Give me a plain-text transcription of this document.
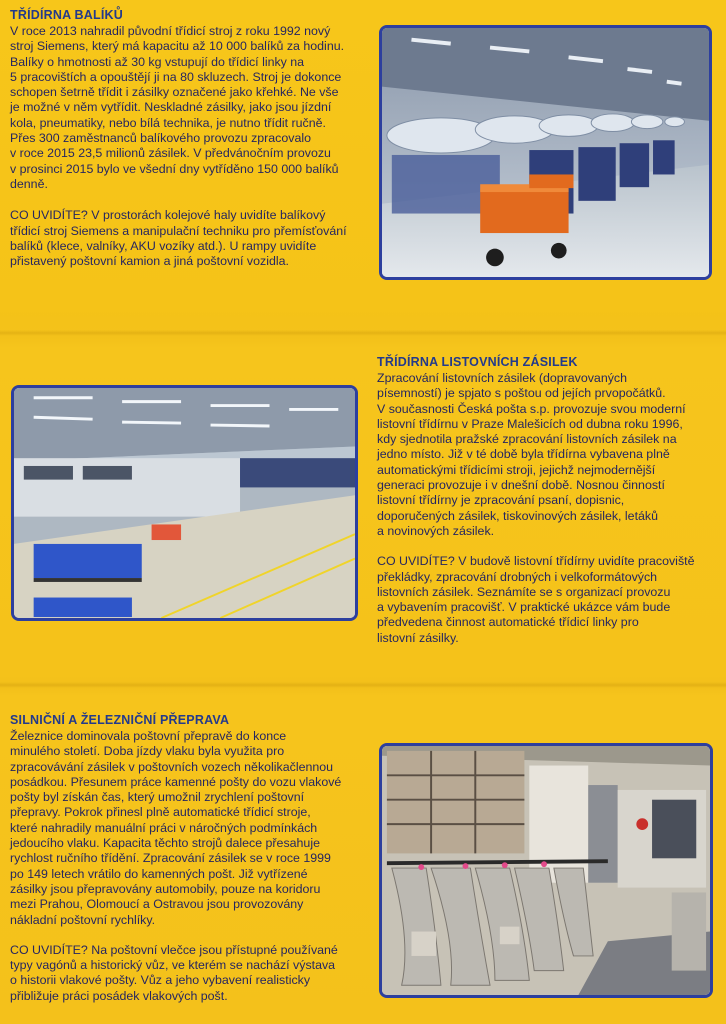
TŘÍDÍRNA BALÍKŮ
V roce 2013 nahradil původní třídicí stroj z roku 1992 nový
stroj Siemens, který má kapacitu až 10 000 balíků za hodinu.
Balíky o hmotnosti až 30 kg vstupují do třídicí linky na
5 pracovištích a opouštějí ji na 80 skluzech. Stroj je dokonce
schopen šetrně třídit i zásilky označené jako křehké. Ne vše
je možné v něm vytřídit. Neskladné zásilky, jako jsou jízdní
kola, pneumatiky, nebo bílá technika, je nutno třídit ručně.
Přes 300 zaměstnanců balíkového provozu zpracovalo
v roce 2015 23,5 milionů zásilek. V předvánočním provozu
v prosinci 2015 bylo ve všední dny vytříděno 150 000 balíků
denně.
CO UVIDÍTE? V prostorách kolejové haly uvidíte balíkový
třídicí stroj Siemens a manipulační techniku pro přemísťování
balíků (klece, valníky, AKU vozíky atd.). U rampy uvidíte
přistavený poštovní kamion a jiná poštovní vozidla.
TŘÍDÍRNA LISTOVNÍCH ZÁSILEK
Zpracování listovních zásilek (dopravovaných
písemností) je spjato s poštou od jejích prvopočátků.
V současnosti Česká pošta s.p. provozuje svou moderní
listovní třídírnu v Praze Malešicích od dubna roku 1996,
kdy sjednotila pražské zpracování listovních zásilek na
jedno místo. Již v té době byla třídírna vybavena plně
automatickými třídicími stroji, jejichž nejmodernější
generaci provozuje i v dnešní době. Nosnou činností
listovní třídírny je zpracování psaní, dopisnic,
doporučených zásilek, tiskovinových zásilek, letáků
a novinových zásilek.
CO UVIDÍTE? V budově listovní třídírny uvidíte pracoviště
překládky, zpracování drobných i velkoformátových
listovních zásilek. Seznámíte se s organizací provozu
a vybavením pracovišť. V praktické ukázce vám bude
předvedena činnost automatické třídicí linky pro
listovní zásilky.
SILNIČNÍ A ŽELEZNIČNÍ PŘEPRAVA
Železnice dominovala poštovní přepravě do konce
minulého století. Doba jízdy vlaku byla využita pro
zpracovávání zásilek v poštovních vozech několikačlennou
posádkou. Přesunem práce kamenné pošty do vozu vlakové
pošty byl získán čas, který umožnil zrychlení poštovní
přepravy. Pokrok přinesl plně automatické třídicí stroje,
které nahradily manuální práci v náročných podmínkách
jedoucího vlaku. Kapacita těchto strojů dalece přesahuje
rychlost ručního třídění. Zpracování zásilek se v roce 1999
po 149 letech vrátilo do kamenných pošt. Již vytřízené
zásilky jsou přepravovány automobily, pouze na koridoru
mezi Prahou, Olomoucí a Ostravou jsou provozovány
nákladní poštovní rychlíky.
CO UVIDÍTE? Na poštovní vlečce jsou přístupné používané
typy vagónů a historický vůz, ve kterém se nachází výstava
o historii vlakové pošty. Vůz a jeho vybavení realisticky
přibližuje práci posádek vlakových pošt.
